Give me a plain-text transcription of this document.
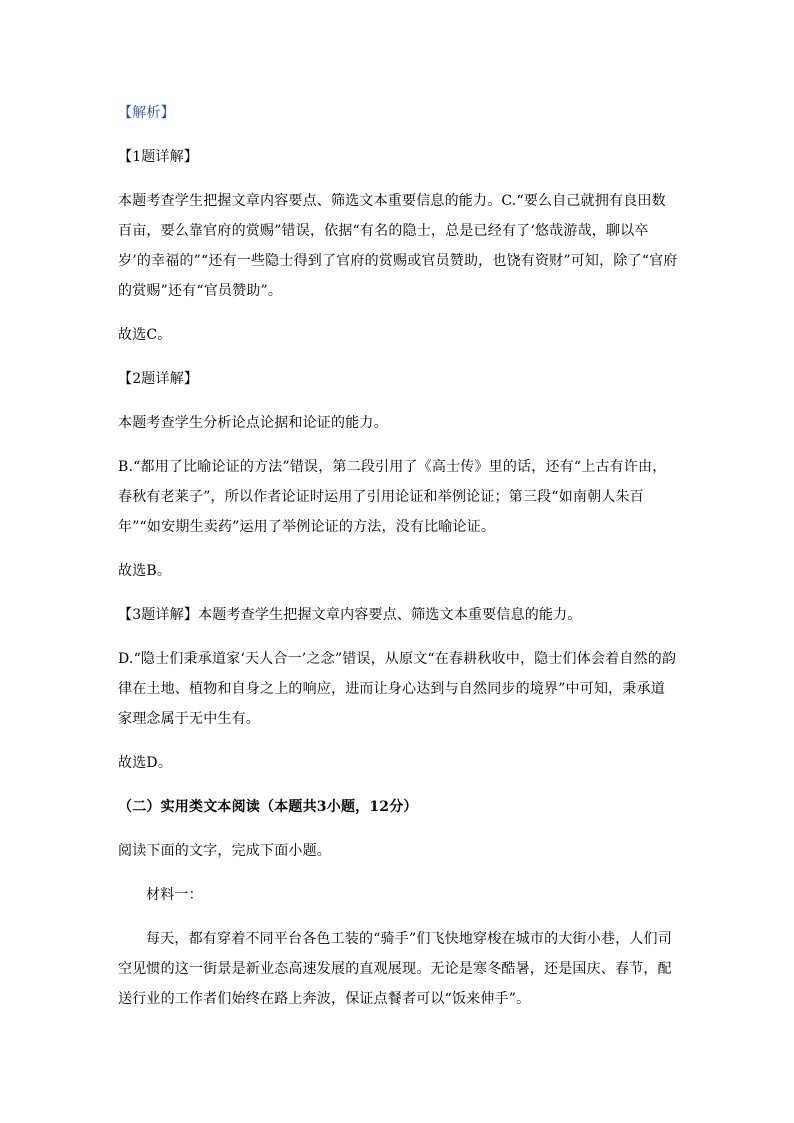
【解析】

【1题详解】

本题考查学生把握文章内容要点、筛选文本重要信息的能力。C.“要么自己就拥有良田数百亩，要么靠官府的赏赐”错误，依据“有名的隐士，总是已经有了‘悠哉游哉，聊以卒岁’的幸福的”“还有一些隐士得到了官府的赏赐或官员赞助，也饶有资财”可知，除了“官府的赏赐”还有“官员赞助”。

故选C。

【2题详解】

本题考查学生分析论点论据和论证的能力。

B.“都用了比喻论证的方法”错误，第二段引用了《高士传》里的话，还有“上古有许由，春秋有老莱子”，所以作者论证时运用了引用论证和举例论证；第三段“如南朝人朱百年”“如安期生卖药”运用了举例论证的方法，没有比喻论证。

故选B。

【3题详解】本题考查学生把握文章内容要点、筛选文本重要信息的能力。

D.“隐士们秉承道家‘天人合一’之念”错误，从原文“在春耕秋收中，隐士们体会着自然的韵律在土地、植物和自身之上的响应，进而让身心达到与自然同步的境界”中可知，秉承道家理念属于无中生有。

故选D。

（二）实用类文本阅读（本题共3小题，12分）

阅读下面的文字，完成下面小题。

材料一：

每天，都有穿着不同平台各色工装的“骑手”们飞快地穿梭在城市的大街小巷，人们司空见惯的这一街景是新业态高速发展的直观展现。无论是寒冬酷暑，还是国庆、春节，配送行业的工作者们始终在路上奔波，保证点餐者可以“饭来伸手”。
